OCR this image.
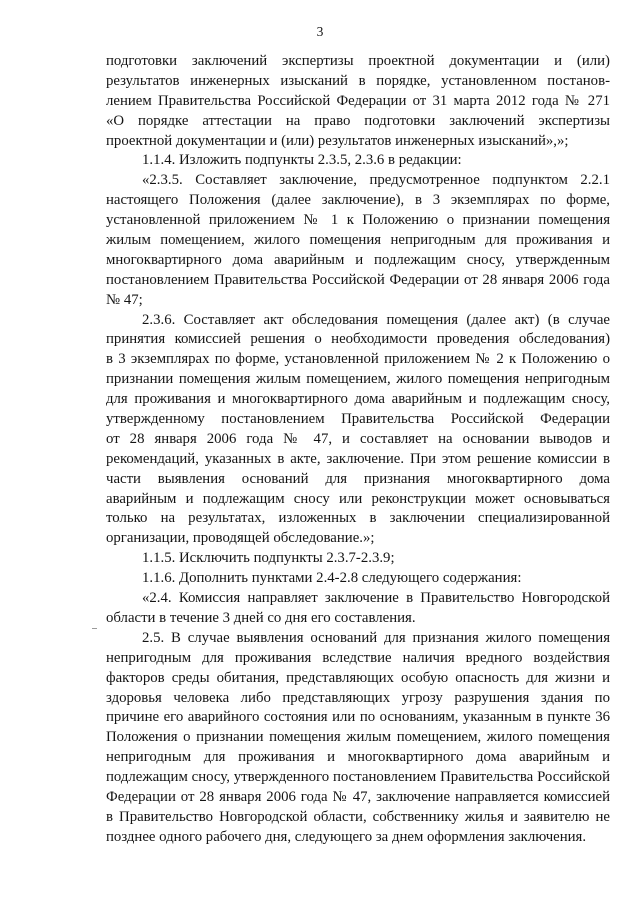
3
подготовки заключений экспертизы проектной документации и (или)
результатов инженерных изысканий в порядке, установленном постанов-
лением Правительства Российской Федерации от 31 марта 2012 года № 271
«О порядке аттестации на право подготовки заключений экспертизы
проектной документации и (или) результатов инженерных изысканий»,»;
1.1.4. Изложить подпункты 2.3.5, 2.3.6 в редакции:
«2.3.5. Составляет заключение, предусмотренное подпунктом 2.2.1
настоящего Положения (далее заключение), в 3 экземплярах по форме,
установленной приложением № 1 к Положению о признании помещения
жилым помещением, жилого помещения непригодным для проживания и
многоквартирного дома аварийным и подлежащим сносу, утвержденным
постановлением Правительства Российской Федерации от 28 января 2006 года
№ 47;
2.3.6. Составляет акт обследования помещения (далее акт) (в случае
принятия комиссией решения о необходимости проведения обследования)
в 3 экземплярах по форме, установленной приложением № 2 к Положению о
признании помещения жилым помещением, жилого помещения непригодным
для проживания и многоквартирного дома аварийным и подлежащим сносу,
утвержденному постановлением Правительства Российской Федерации
от 28 января 2006 года № 47, и составляет на основании выводов и
рекомендаций, указанных в акте, заключение. При этом решение комиссии в
части выявления оснований для признания многоквартирного дома
аварийным и подлежащим сносу или реконструкции может основываться
только на результатах, изложенных в заключении специализированной
организации, проводящей обследование.»;
1.1.5. Исключить подпункты 2.3.7-2.3.9;
1.1.6. Дополнить пунктами 2.4-2.8 следующего содержания:
«2.4. Комиссия направляет заключение в Правительство Новгородской
области в течение 3 дней со дня его составления.
2.5. В случае выявления оснований для признания жилого помещения
непригодным для проживания вследствие наличия вредного воздействия
факторов среды обитания, представляющих особую опасность для жизни и
здоровья человека либо представляющих угрозу разрушения здания по
причине его аварийного состояния или по основаниям, указанным в пункте 36
Положения о признании помещения жилым помещением, жилого помещения
непригодным для проживания и многоквартирного дома аварийным и
подлежащим сносу, утвержденного постановлением Правительства Российской
Федерации от 28 января 2006 года № 47, заключение направляется комиссией
в Правительство Новгородской области, собственнику жилья и заявителю не
позднее одного рабочего дня, следующего за днем оформления заключения.
